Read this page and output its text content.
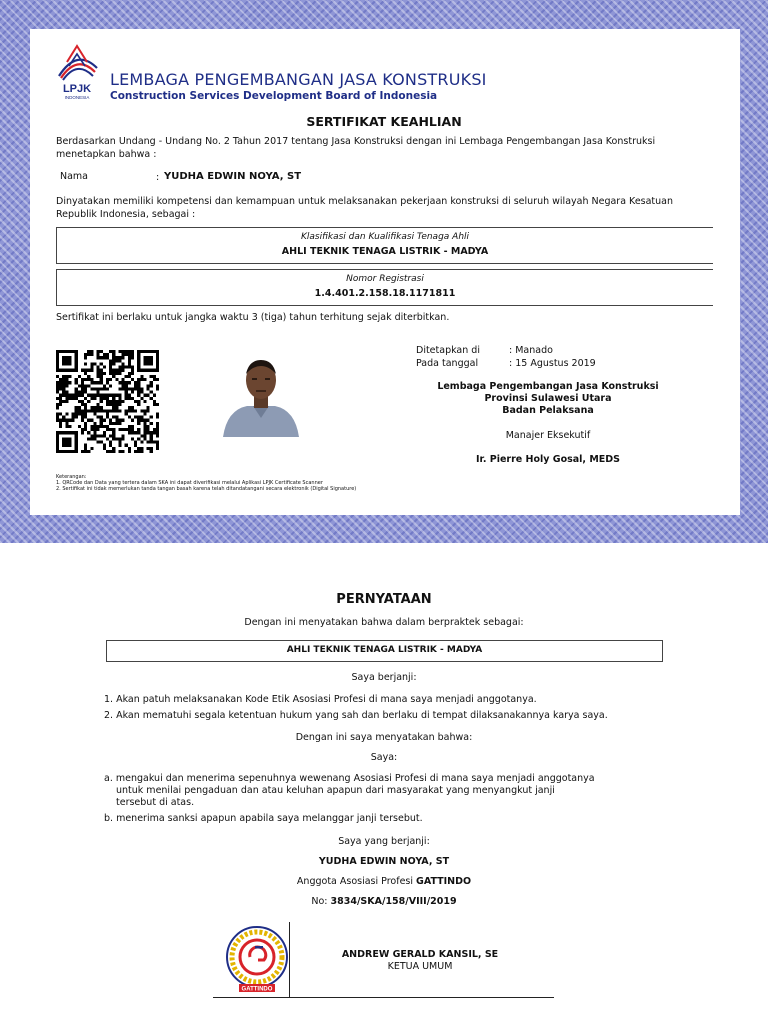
LPJK
INDONESIA
LEMBAGA PENGEMBANGAN JASA KONSTRUKSI
Construction Services Development Board of Indonesia
SERTIFIKAT KEAHLIAN
Berdasarkan Undang - Undang No. 2 Tahun 2017 tentang Jasa Konstruksi dengan ini Lembaga Pengembangan Jasa Konstruksi menetapkan bahwa :
Nama	: YUDHA EDWIN NOYA, ST
Dinyatakan memiliki kompetensi dan kemampuan untuk melaksanakan pekerjaan konstruksi di seluruh wilayah Negara Kesatuan Republik Indonesia, sebagai :
Klasifikasi dan Kualifikasi Tenaga Ahli
AHLI TEKNIK TENAGA LISTRIK - MADYA
Nomor Registrasi
1.4.401.2.158.18.1171811
Sertifikat ini berlaku untuk jangka waktu 3 (tiga) tahun terhitung sejak diterbitkan.
Ditetapkan di	: Manado
Pada tanggal	: 15 Agustus 2019
Lembaga Pengembangan Jasa Konstruksi
Provinsi Sulawesi Utara
Badan Pelaksana
Manajer Eksekutif
Ir. Pierre Holy Gosal, MEDS
Keterangan:
1. QRCode dan Data yang tertera dalam SKA ini dapat diverifikasi melalui Aplikasi LPJK Certificate Scanner
2. Sertifikat ini tidak memerlukan tanda tangan basah karena telah ditandatangani secara elektronik (Digital Signature)
PERNYATAAN
Dengan ini menyatakan bahwa dalam berpraktek sebagai:
AHLI TEKNIK TENAGA LISTRIK - MADYA
Saya berjanji:
1. Akan patuh melaksanakan Kode Etik Asosiasi Profesi di mana saya menjadi anggotanya.
2. Akan mematuhi segala ketentuan hukum yang sah dan berlaku di tempat dilaksanakannya karya saya.
Dengan ini saya menyatakan bahwa:
Saya:
a. mengakui dan menerima sepenuhnya wewenang Asosiasi Profesi di mana saya menjadi anggotanya
untuk menilai pengaduan dan atau keluhan apapun dari masyarakat yang menyangkut janji
tersebut di atas.
b. menerima sanksi apapun apabila saya melanggar janji tersebut.
Saya yang berjanji:
YUDHA EDWIN NOYA, ST
Anggota Asosiasi Profesi GATTINDO
No: 3834/SKA/158/VIII/2019
GATTINDO
ANDREW GERALD KANSIL, SE
KETUA UMUM
